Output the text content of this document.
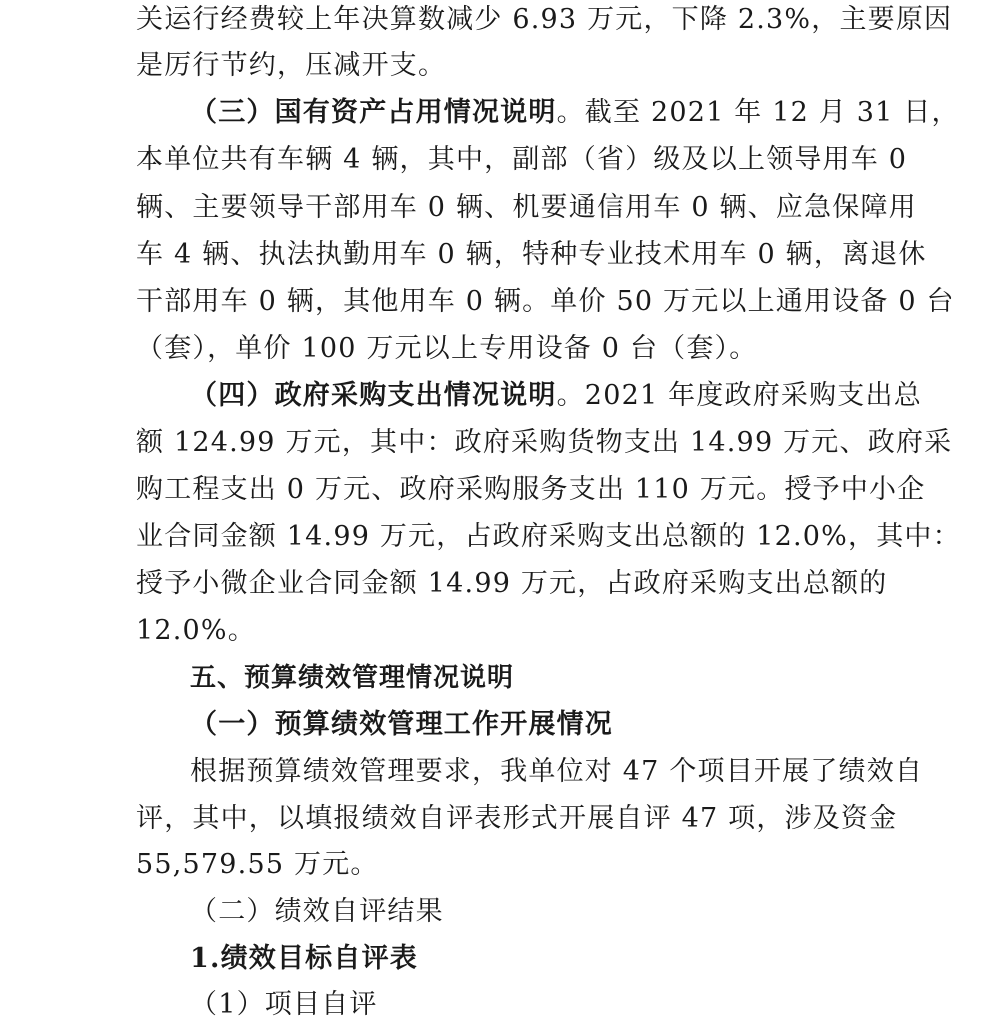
关运行经费较上年决算数减少 6.93 万元，下降 2.3%，主要原因
是厉行节约，压减开支。
（三）国有资产占用情况说明。截至 2021 年 12 月 31 日，
本单位共有车辆 4 辆，其中，副部（省）级及以上领导用车 0
辆、主要领导干部用车 0 辆、机要通信用车 0 辆、应急保障用
车 4 辆、执法执勤用车 0 辆，特种专业技术用车 0 辆，离退休
干部用车 0 辆，其他用车 0 辆。单价 50 万元以上通用设备 0 台
（套），单价 100 万元以上专用设备 0 台（套）。
（四）政府采购支出情况说明。2021 年度政府采购支出总
额 124.99 万元，其中：政府采购货物支出 14.99 万元、政府采
购工程支出 0 万元、政府采购服务支出 110 万元。授予中小企
业合同金额 14.99 万元，占政府采购支出总额的 12.0%，其中：
授予小微企业合同金额 14.99 万元，占政府采购支出总额的
12.0%。
五、预算绩效管理情况说明
（一）预算绩效管理工作开展情况
根据预算绩效管理要求，我单位对 47 个项目开展了绩效自
评，其中，以填报绩效自评表形式开展自评 47 项，涉及资金
55,579.55 万元。
（二）绩效自评结果
1.绩效目标自评表
（1）项目自评
